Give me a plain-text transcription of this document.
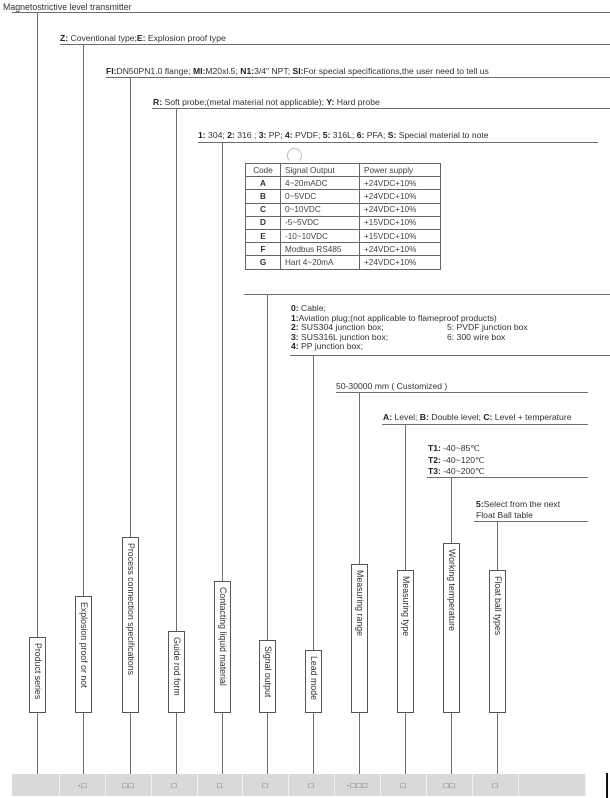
Magnetostrictive level transmitter
Z: Coventional type;E: Explosion proof type
FI:DN50PN1.0 flange; MI:M20xl.5; N1:3/4" NPT; SI:For special specifications,the user need to tell us
R: Soft probe;(metal material not applicable); Y: Hard probe
1: 304; 2: 316 ; 3: PP; 4: PVDF; 5: 316L; 6: PFA; S: Special material to note
Code	Signal Output	Power supply
A	4~20mADC	+24VDC+10%
B	0~5VDC	+24VDC+10%
C	0~10VDC	+24VDC+10%
D	-5~5VDC	+15VDC+10%
E	-10~10VDC	+15VDC+10%
F	Modbus RS485	+24VDC+10%
G	Hart 4~20mA	+24VDC+10%
0: Cable;
1:Aviation plug;(not applicable to flameproof products)
2: SUS304 junction box;	5: PVDF junction box
3: SUS316L junction box;	6: 300 wire box
4: PP junction box;
50-30000 mm ( Customized )
A: Level; B: Double level; C: Level + temperature
T1: -40~85℃
T2: -40~120℃
T3: -40~200℃
5:Select from the next
Float Ball table
Product series	Explosion proof or not	Process connection specifications	Guide rod form	Contacting liquid material	Signal output	Lead mode
Measuring range	Measuring type	Working temperature	Float ball types
-□	□□	□	□	□	□	-□□□	□	□□	□
